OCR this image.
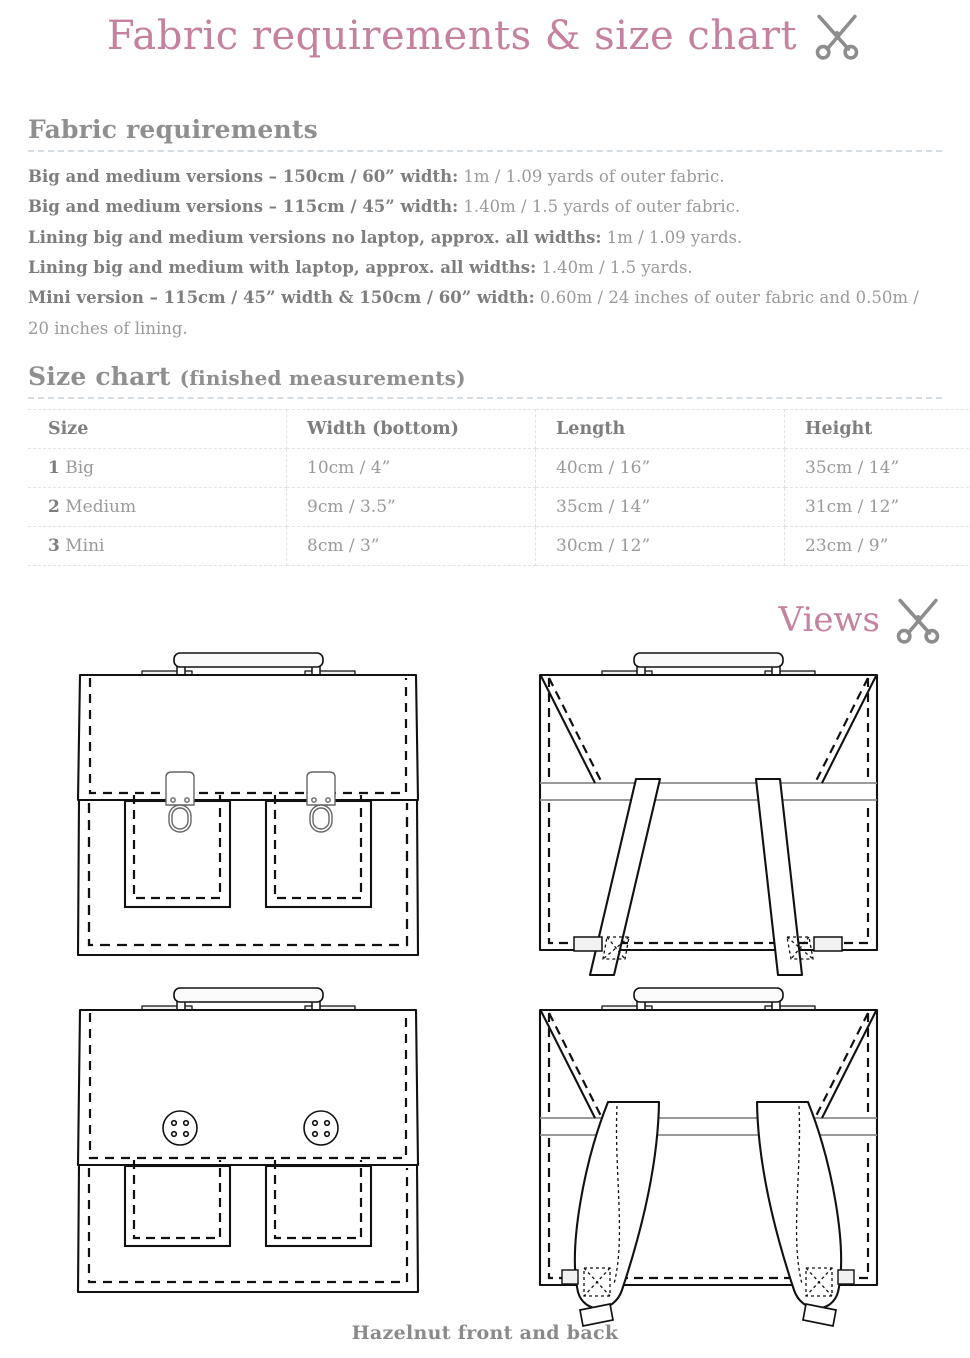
Fabric requirements & size chart
Fabric requirements
Big and medium versions – 150cm / 60” width: 1m / 1.09 yards of outer fabric.
Big and medium versions – 115cm / 45” width: 1.40m / 1.5 yards of outer fabric.
Lining big and medium versions no laptop, approx. all widths: 1m / 1.09 yards.
Lining big and medium with laptop, approx. all widths: 1.40m / 1.5 yards.
Mini version – 115cm / 45” width & 150cm / 60” width: 0.60m / 24 inches of outer fabric and 0.50m / 20 inches of lining.
Size chart (finished measurements)
Size	Width (bottom)	Length	Height
1 Big	10cm / 4”	40cm / 16”	35cm / 14”
2 Medium	9cm / 3.5”	35cm / 14”	31cm / 12”
3 Mini	8cm / 3”	30cm / 12”	23cm / 9”
Views
Hazelnut front and back
